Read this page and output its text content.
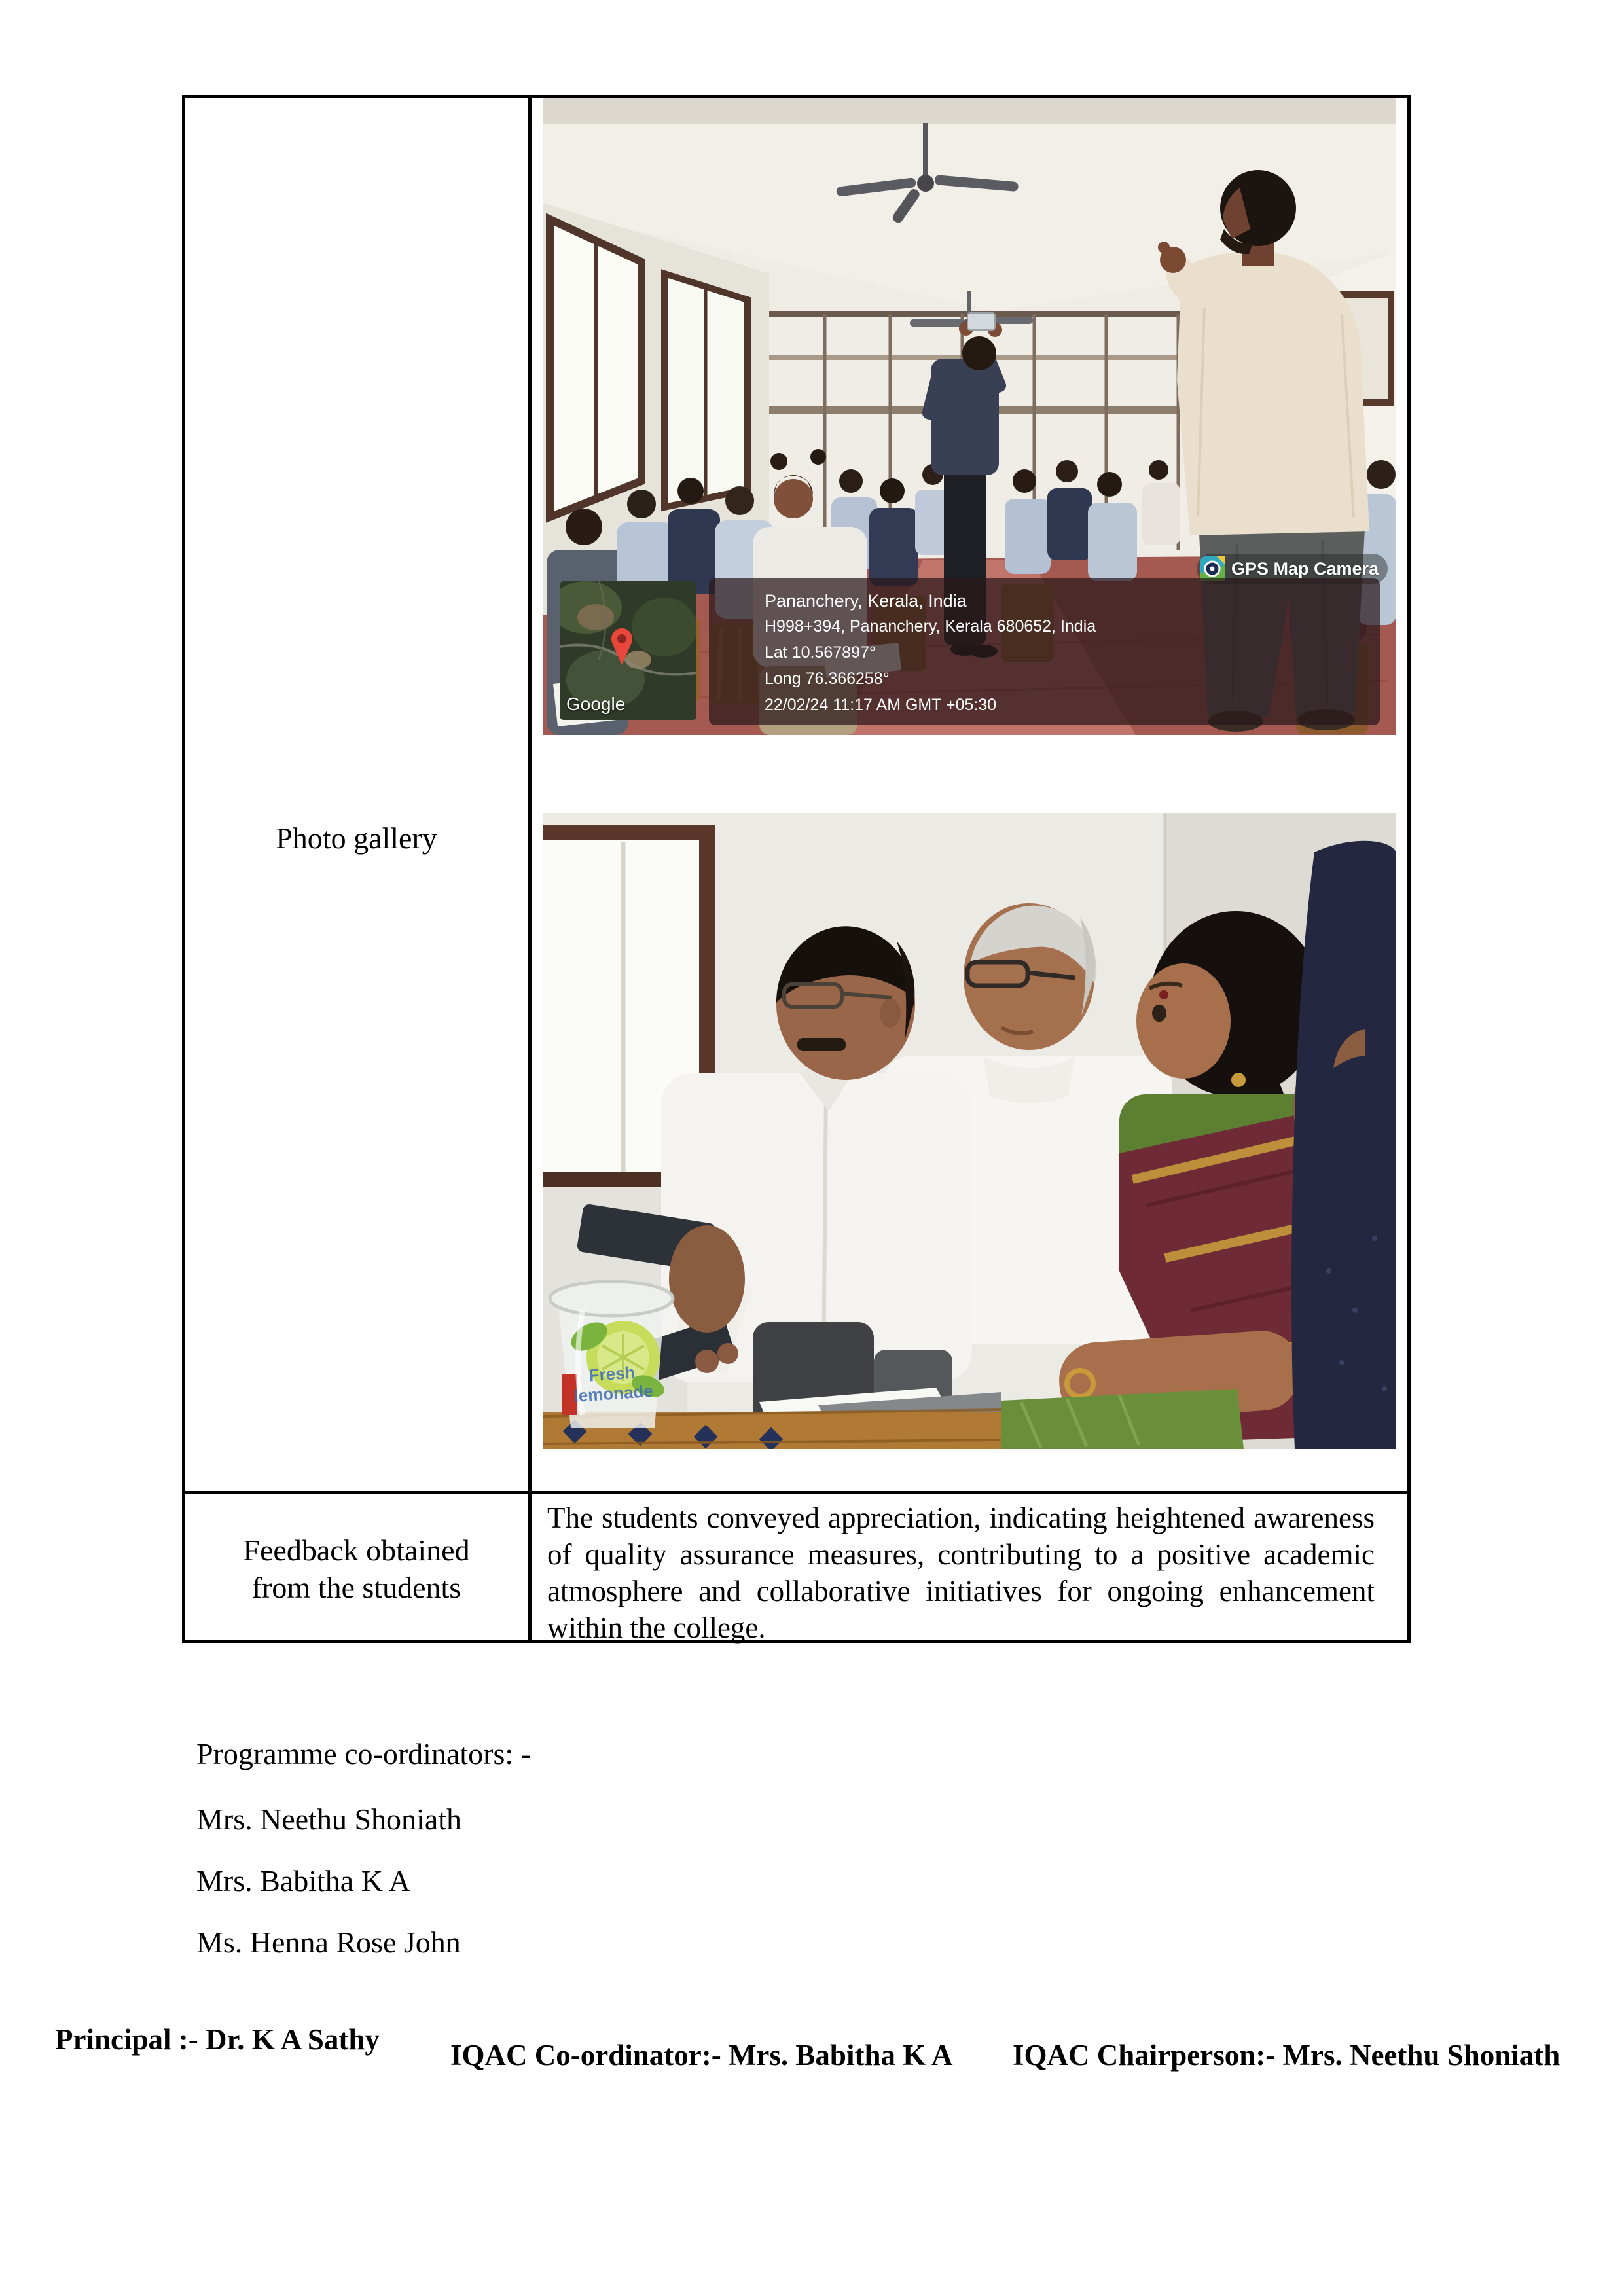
Photo gallery
Feedback obtained
from the students
The students conveyed appreciation, indicating heightened awareness of quality assurance measures, contributing to a positive academic atmosphere and collaborative initiatives for ongoing enhancement within the college.
GPS Map Camera
Google
Pananchery, Kerala, India
H998+394, Pananchery, Kerala 680652, India
Lat 10.567897°
Long 76.366258°
22/02/24 11:17 AM GMT +05:30
Fresh
lemonade
Programme co-ordinators: -
Mrs. Neethu Shoniath
Mrs. Babitha K A
Ms. Henna Rose John
Principal :- Dr. K A Sathy IQAC Co-ordinator:- Mrs. Babitha K A IQAC Chairperson:- Mrs. Neethu Shoniath
